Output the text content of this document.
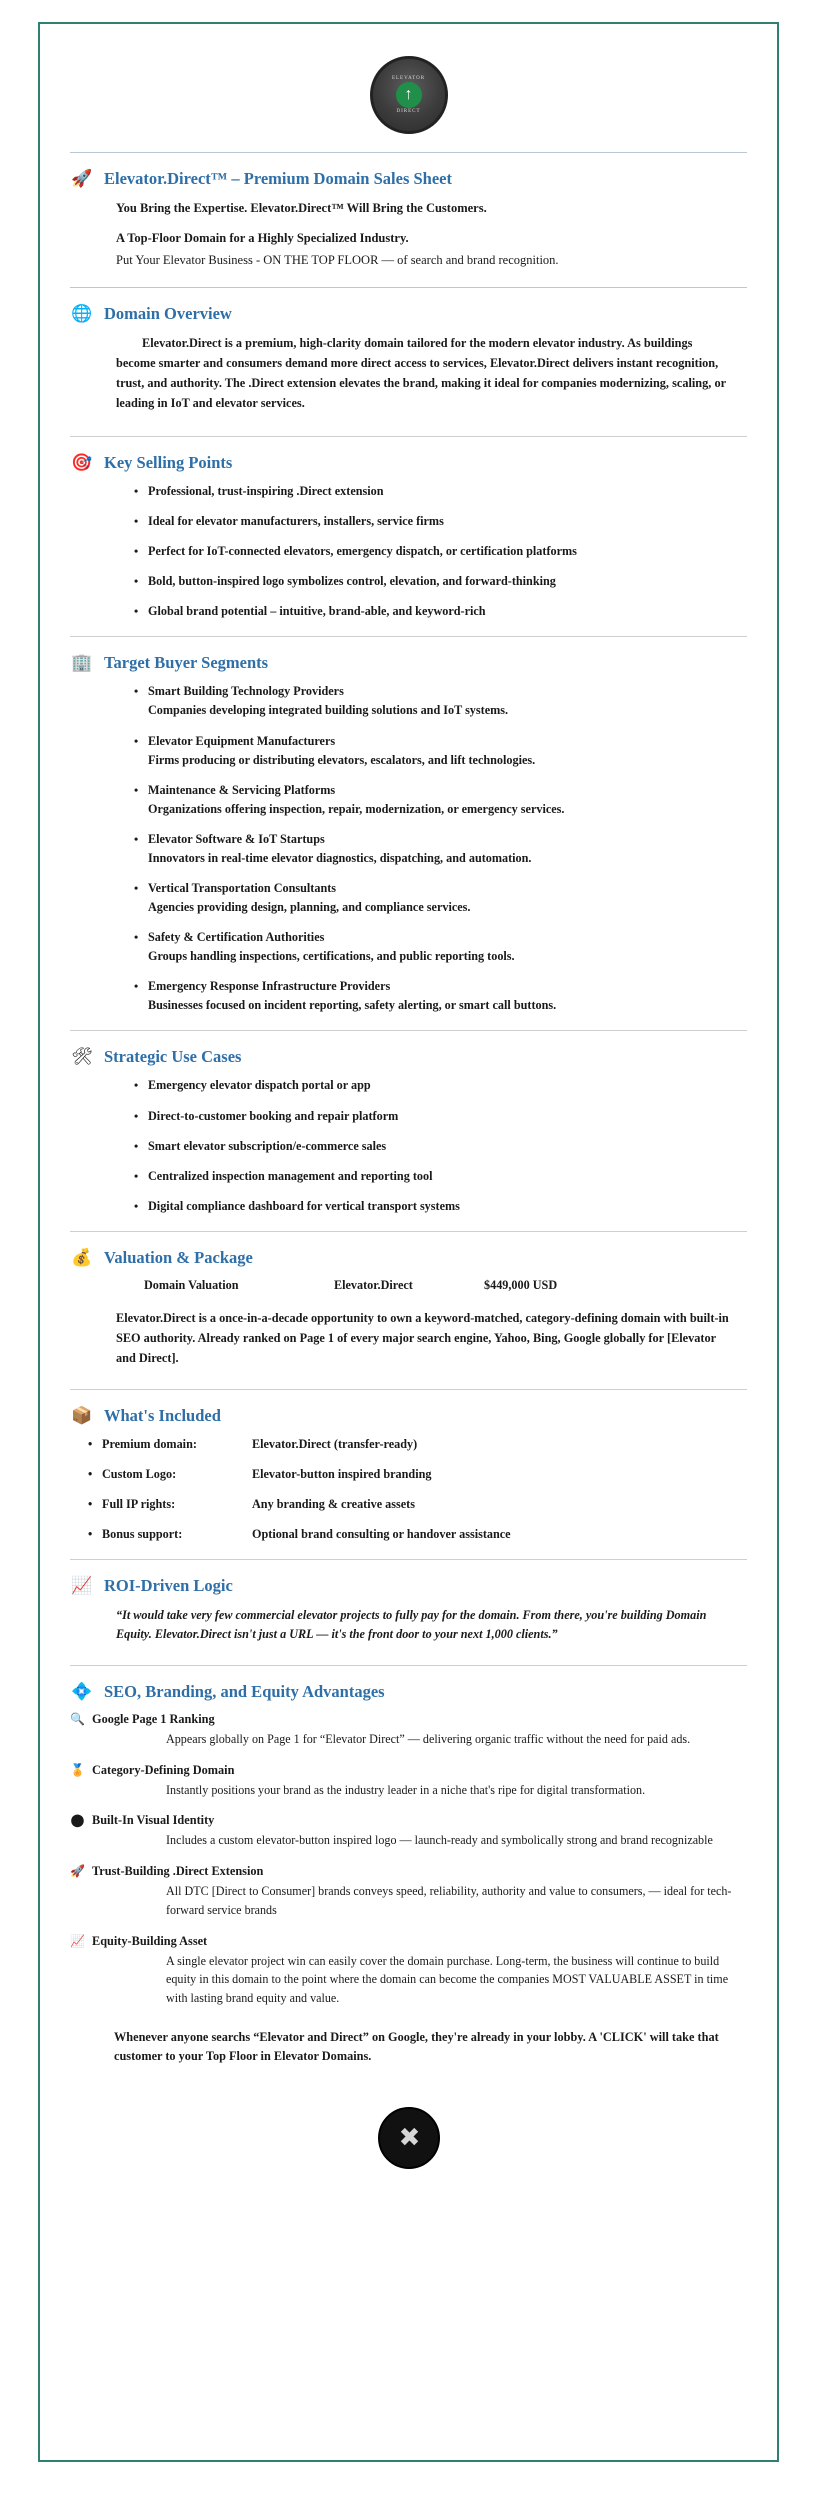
ELEVATOR
↑
DIRECT
🚀 Elevator.Direct™ – Premium Domain Sales Sheet

You Bring the Expertise. Elevator.Direct™ Will Bring the Customers.

A Top-Floor Domain for a Highly Specialized Industry.

Put Your Elevator Business - ON THE TOP FLOOR — of search and brand recognition.

🌐 Domain Overview

Elevator.Direct is a premium, high-clarity domain tailored for the modern elevator industry. As buildings become smarter and consumers demand more direct access to services, Elevator.Direct delivers instant recognition, trust, and authority. The .Direct extension elevates the brand, making it ideal for companies modernizing, scaling, or leading in IoT and elevator services.

🎯 Key Selling Points
• Professional, trust-inspiring .Direct extension
• Ideal for elevator manufacturers, installers, service firms
• Perfect for IoT-connected elevators, emergency dispatch, or certification platforms
• Bold, button-inspired logo symbolizes control, elevation, and forward-thinking
• Global brand potential – intuitive, brand-able, and keyword-rich
🏢 Target Buyer Segments
• Smart Building Technology Providers
Companies developing integrated building solutions and IoT systems.
• Elevator Equipment Manufacturers
Firms producing or distributing elevators, escalators, and lift technologies.
• Maintenance & Servicing Platforms
Organizations offering inspection, repair, modernization, or emergency services.
• Elevator Software & IoT Startups
Innovators in real-time elevator diagnostics, dispatching, and automation.
• Vertical Transportation Consultants
Agencies providing design, planning, and compliance services.
• Safety & Certification Authorities
Groups handling inspections, certifications, and public reporting tools.
• Emergency Response Infrastructure Providers
Businesses focused on incident reporting, safety alerting, or smart call buttons.
🛠 Strategic Use Cases
• Emergency elevator dispatch portal or app
• Direct-to-customer booking and repair platform
• Smart elevator subscription/e-commerce sales
• Centralized inspection management and reporting tool
• Digital compliance dashboard for vertical transport systems
💰 Valuation & Package
Domain Valuation	Elevator.Direct	$449,000 USD

Elevator.Direct is a once-in-a-decade opportunity to own a keyword-matched, category-defining domain with built-in SEO authority. Already ranked on Page 1 of every major search engine, Yahoo, Bing, Google globally for [Elevator and Direct].

📦 What's Included
• Premium domain:	Elevator.Direct (transfer-ready)
• Custom Logo:	Elevator-button inspired branding
• Full IP rights:	Any branding & creative assets
• Bonus support:	Optional brand consulting or handover assistance
📈 ROI-Driven Logic

“It would take very few commercial elevator projects to fully pay for the domain. From there, you're building Domain Equity. Elevator.Direct isn't just a URL — it's the front door to your next 1,000 clients.”

💠 SEO, Branding, and Equity Advantages
🔍 Google Page 1 Ranking
Appears globally on Page 1 for “Elevator Direct” — delivering organic traffic without the need for paid ads.
🏅 Category-Defining Domain
Instantly positions your brand as the industry leader in a niche that's ripe for digital transformation.
⬤ Built-In Visual Identity
Includes a custom elevator-button inspired logo — launch-ready and symbolically strong and brand recognizable
🚀 Trust-Building .Direct Extension
All DTC [Direct to Consumer] brands conveys speed, reliability, authority and value to consumers, — ideal for tech-forward service brands
📈 Equity-Building Asset
A single elevator project win can easily cover the domain purchase. Long-term, the business will continue to build equity in this domain to the point where the domain can become the companies MOST VALUABLE ASSET in time with lasting brand equity and value.
Whenever anyone searchs “Elevator and Direct” on Google, they're already in your lobby. A 'CLICK' will take that customer to your Top Floor in Elevator Domains.
✖
